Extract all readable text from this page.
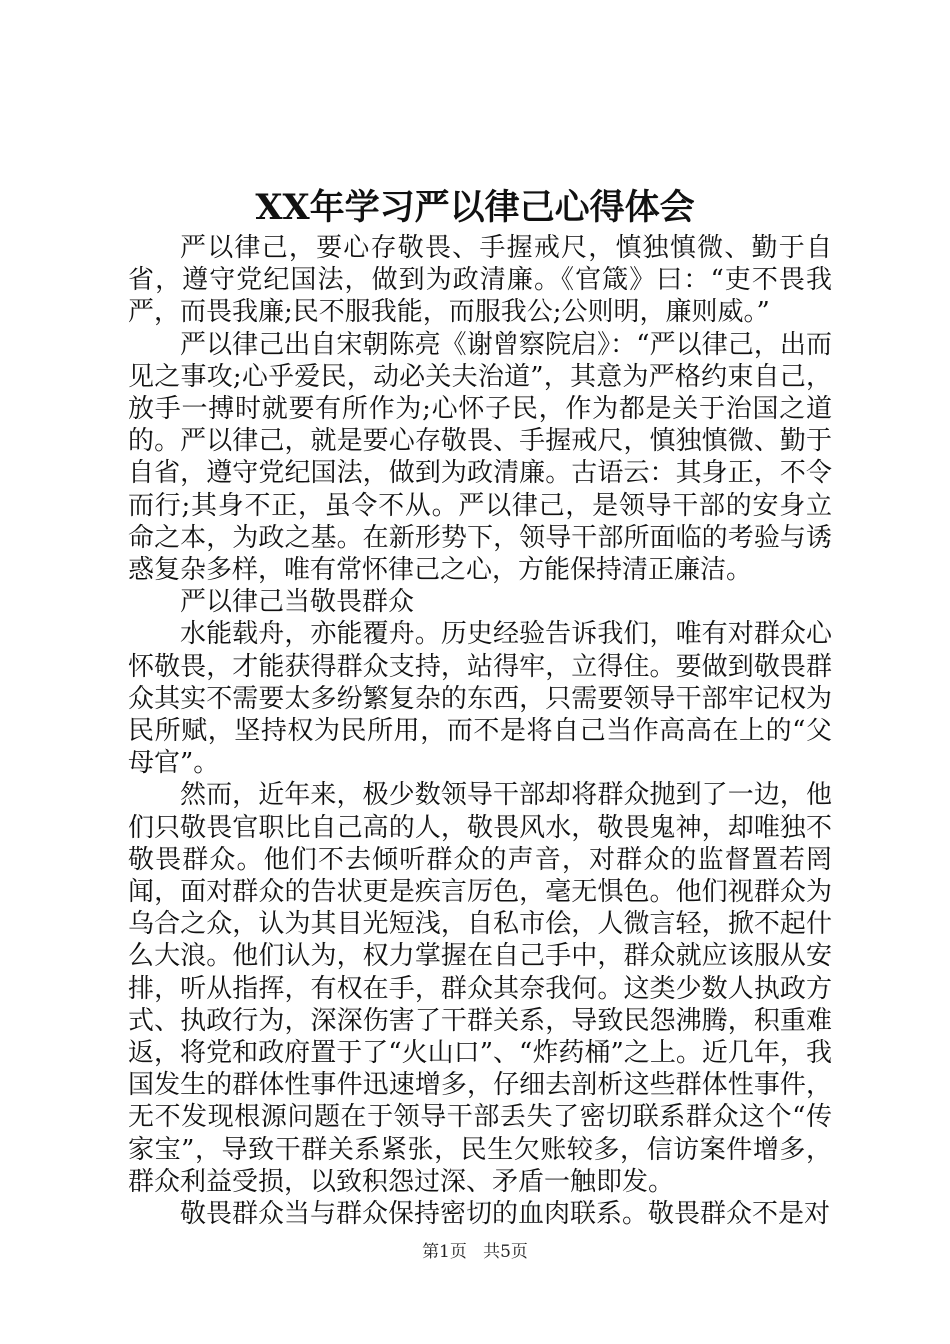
XX年学习严以律己心得体会

严以律己，要心存敬畏、手握戒尺，慎独慎微、勤于自省，遵守党纪国法，做到为政清廉。《官箴》曰：“吏不畏我严，而畏我廉;民不服我能，而服我公;公则明，廉则威。”

严以律己出自宋朝陈亮《谢曾察院启》：“严以律己，出而见之事攻;心乎爱民，动必关夫治道”，其意为严格约束自己，放手一搏时就要有所作为;心怀子民，作为都是关于治国之道的。严以律己，就是要心存敬畏、手握戒尺，慎独慎微、勤于自省，遵守党纪国法，做到为政清廉。古语云：其身正，不令而行;其身不正，虽令不从。严以律己，是领导干部的安身立命之本，为政之基。在新形势下，领导干部所面临的考验与诱惑复杂多样，唯有常怀律己之心，方能保持清正廉洁。

严以律己当敬畏群众

水能载舟，亦能覆舟。历史经验告诉我们，唯有对群众心怀敬畏，才能获得群众支持，站得牢，立得住。要做到敬畏群众其实不需要太多纷繁复杂的东西，只需要领导干部牢记权为民所赋，坚持权为民所用，而不是将自己当作高高在上的“父母官”。

然而，近年来，极少数领导干部却将群众抛到了一边，他们只敬畏官职比自己高的人，敬畏风水，敬畏鬼神，却唯独不敬畏群众。他们不去倾听群众的声音，对群众的监督置若罔闻，面对群众的告状更是疾言厉色，毫无惧色。他们视群众为乌合之众，认为其目光短浅，自私市侩，人微言轻，掀不起什么大浪。他们认为，权力掌握在自己手中，群众就应该服从安排，听从指挥，有权在手，群众其奈我何。这类少数人执政方式、执政行为，深深伤害了干群关系，导致民怨沸腾，积重难返，将党和政府置于了“火山口”、“炸药桶”之上。近几年，我国发生的群体性事件迅速增多，仔细去剖析这些群体性事件，无不发现根源问题在于领导干部丢失了密切联系群众这个“传家宝”，导致干群关系紧张，民生欠账较多，信访案件增多，群众利益受损，以致积怨过深、矛盾一触即发。

敬畏群众当与群众保持密切的血肉联系。敬畏群众不是对

第1页 共5页
